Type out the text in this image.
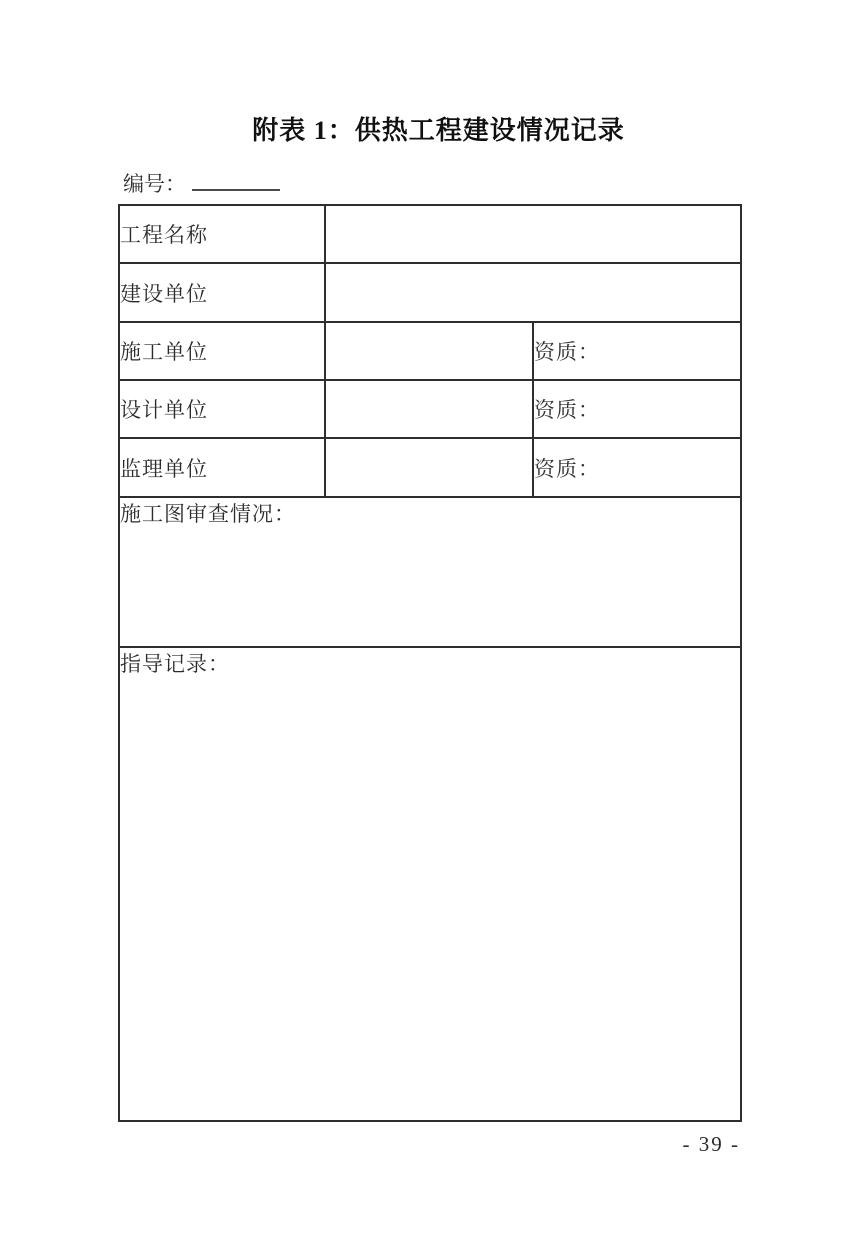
附表 1：供热工程建设情况记录
编号：
工程名称		
建设单位		
施工单位		资质：
设计单位		资质：
监理单位		资质：
施工图审查情况：		
指导记录：		
- 39 -
